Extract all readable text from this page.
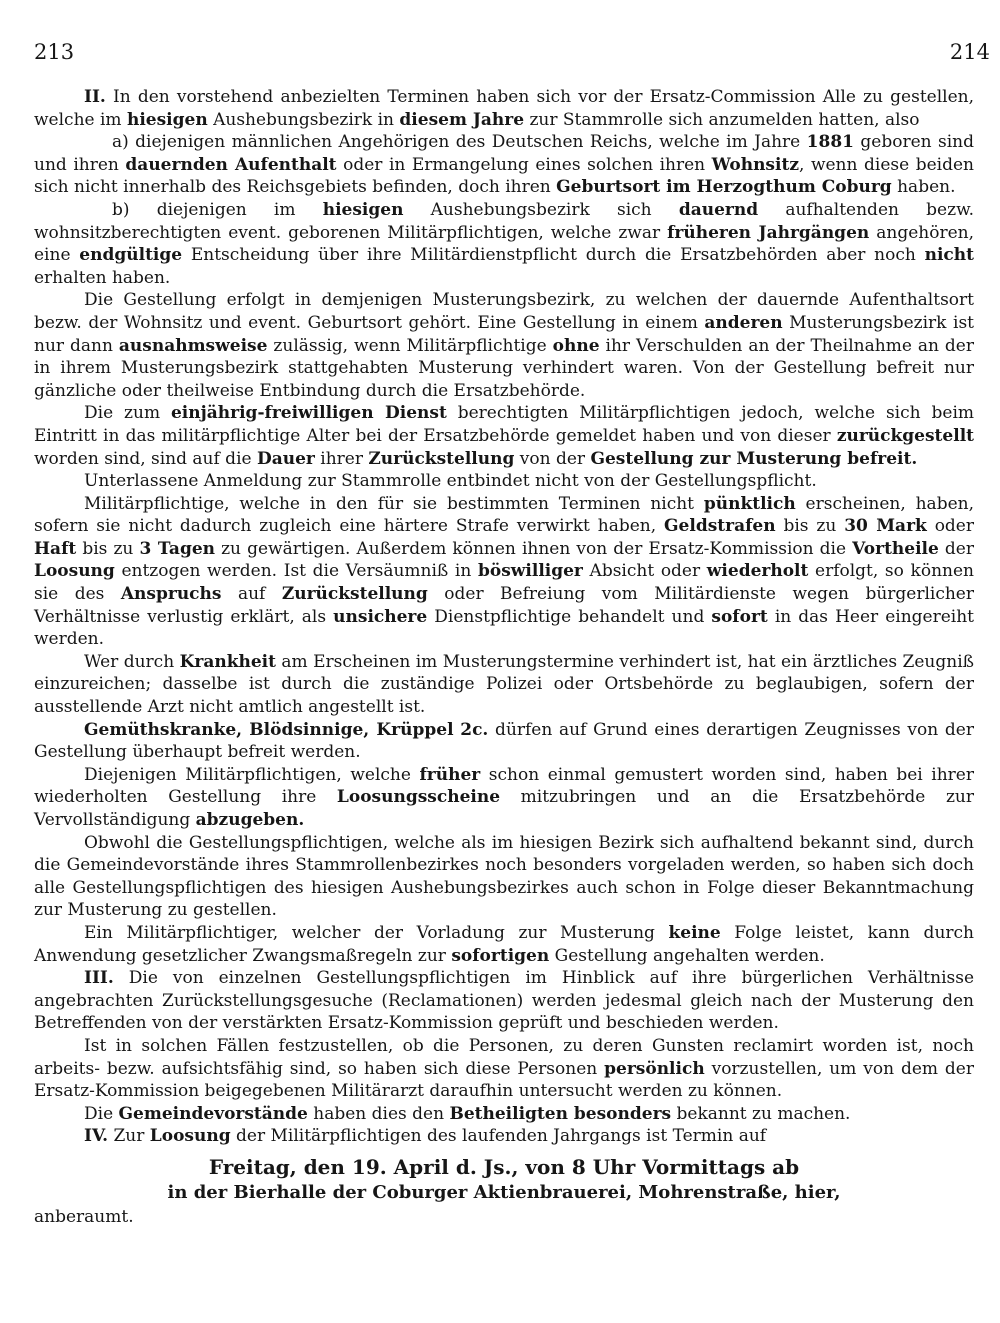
213	214

II. In den vorstehend anbezielten Terminen haben sich vor der Ersatz-Commission Alle zu gestellen, welche im hiesigen Aushebungsbezirk in diesem Jahre zur Stammrolle sich anzumelden hatten, also

a) diejenigen männlichen Angehörigen des Deutschen Reichs, welche im Jahre 1881 geboren sind und ihren dauernden Aufenthalt oder in Ermangelung eines solchen ihren Wohnsitz, wenn diese beiden sich nicht innerhalb des Reichsgebiets befinden, doch ihren Geburtsort im Herzogthum Coburg haben.

b) diejenigen im hiesigen Aushebungsbezirk sich dauernd aufhaltenden bezw. wohnsitzberechtigten event. geborenen Militärpflichtigen, welche zwar früheren Jahrgängen angehören, eine endgültige Entscheidung über ihre Militärdienstpflicht durch die Ersatzbehörden aber noch nicht erhalten haben.

Die Gestellung erfolgt in demjenigen Musterungsbezirk, zu welchen der dauernde Aufenthaltsort bezw. der Wohnsitz und event. Geburtsort gehört. Eine Gestellung in einem anderen Musterungsbezirk ist nur dann ausnahmsweise zulässig, wenn Militärpflichtige ohne ihr Verschulden an der Theilnahme an der in ihrem Musterungsbezirk stattgehabten Musterung verhindert waren. Von der Gestellung befreit nur gänzliche oder theilweise Entbindung durch die Ersatzbehörde.

Die zum einjährig-freiwilligen Dienst berechtigten Militärpflichtigen jedoch, welche sich beim Eintritt in das militärpflichtige Alter bei der Ersatzbehörde gemeldet haben und von dieser zurückgestellt worden sind, sind auf die Dauer ihrer Zurückstellung von der Gestellung zur Musterung befreit.

Unterlassene Anmeldung zur Stammrolle entbindet nicht von der Gestellungspflicht.

Militärpflichtige, welche in den für sie bestimmten Terminen nicht pünktlich erscheinen, haben, sofern sie nicht dadurch zugleich eine härtere Strafe verwirkt haben, Geldstrafen bis zu 30 Mark oder Haft bis zu 3 Tagen zu gewärtigen. Außerdem können ihnen von der Ersatz-Kommission die Vortheile der Loosung entzogen werden. Ist die Versäumniß in böswilliger Absicht oder wiederholt erfolgt, so können sie des Anspruchs auf Zurückstellung oder Befreiung vom Militärdienste wegen bürgerlicher Verhältnisse verlustig erklärt, als unsichere Dienstpflichtige behandelt und sofort in das Heer eingereiht werden.

Wer durch Krankheit am Erscheinen im Musterungstermine verhindert ist, hat ein ärztliches Zeugniß einzureichen; dasselbe ist durch die zuständige Polizei oder Ortsbehörde zu beglaubigen, sofern der ausstellende Arzt nicht amtlich angestellt ist.

Gemüthskranke, Blödsinnige, Krüppel 2c. dürfen auf Grund eines derartigen Zeugnisses von der Gestellung überhaupt befreit werden.

Diejenigen Militärpflichtigen, welche früher schon einmal gemustert worden sind, haben bei ihrer wiederholten Gestellung ihre Loosungsscheine mitzubringen und an die Ersatzbehörde zur Vervollständigung abzugeben.

Obwohl die Gestellungspflichtigen, welche als im hiesigen Bezirk sich aufhaltend bekannt sind, durch die Gemeindevorstände ihres Stammrollenbezirkes noch besonders vorgeladen werden, so haben sich doch alle Gestellungspflichtigen des hiesigen Aushebungsbezirkes auch schon in Folge dieser Bekanntmachung zur Musterung zu gestellen.

Ein Militärpflichtiger, welcher der Vorladung zur Musterung keine Folge leistet, kann durch Anwendung gesetzlicher Zwangsmaßregeln zur sofortigen Gestellung angehalten werden.

III. Die von einzelnen Gestellungspflichtigen im Hinblick auf ihre bürgerlichen Verhältnisse angebrachten Zurückstellungsgesuche (Reclamationen) werden jedesmal gleich nach der Musterung den Betreffenden von der verstärkten Ersatz-Kommission geprüft und beschieden werden.

Ist in solchen Fällen festzustellen, ob die Personen, zu deren Gunsten reclamirt worden ist, noch arbeits- bezw. aufsichtsfähig sind, so haben sich diese Personen persönlich vorzustellen, um von dem der Ersatz-Kommission beigegebenen Militärarzt daraufhin untersucht werden zu können.

Die Gemeindevorstände haben dies den Betheiligten besonders bekannt zu machen.

IV. Zur Loosung der Militärpflichtigen des laufenden Jahrgangs ist Termin auf

Freitag, den 19. April d. Js., von 8 Uhr Vormittags ab
in der Bierhalle der Coburger Aktienbrauerei, Mohrenstraße, hier,

anberaumt.
